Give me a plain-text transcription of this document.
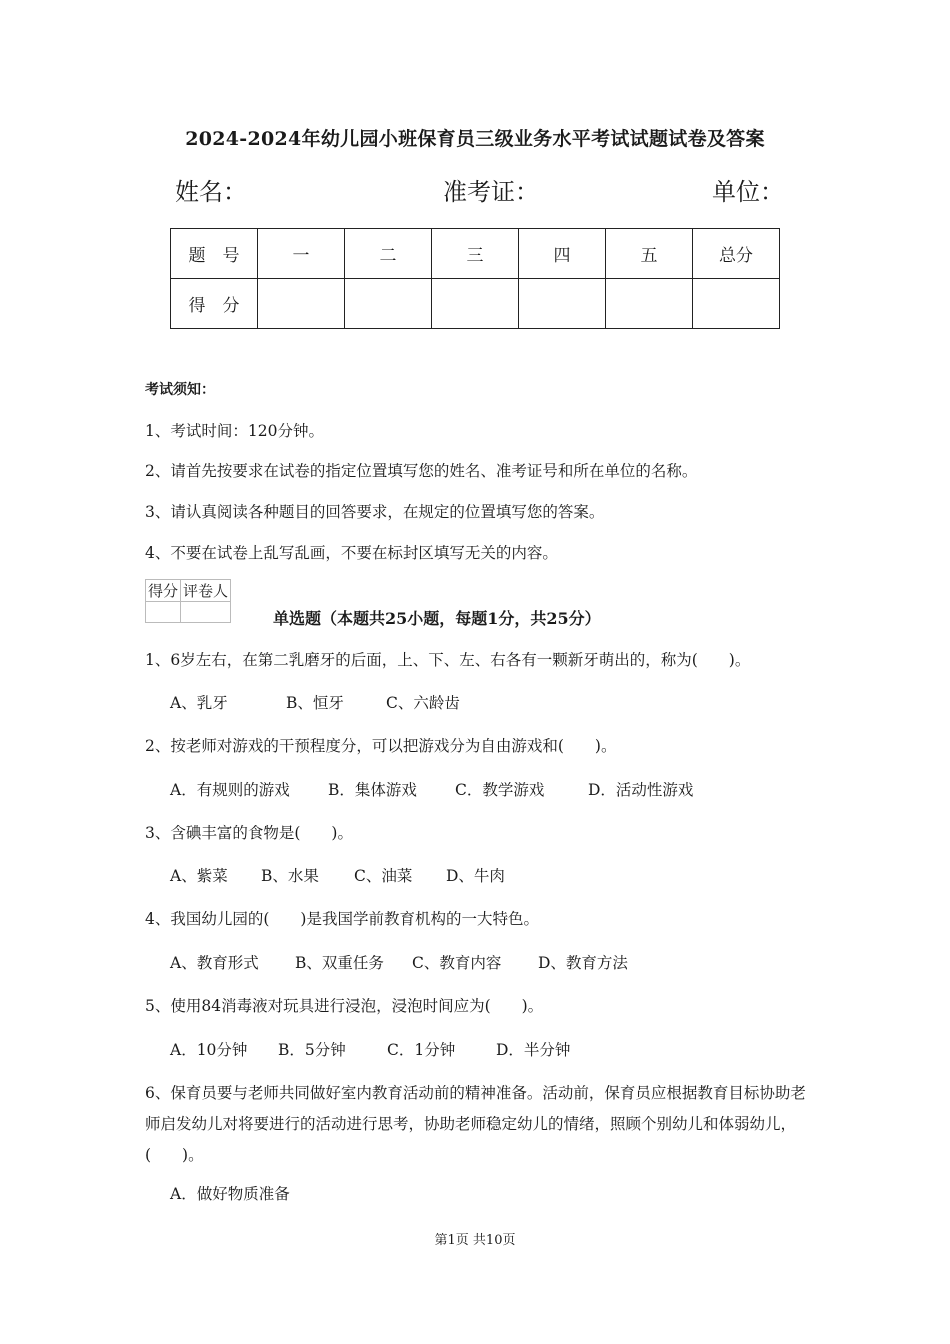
2024-2024年幼儿园小班保育员三级业务水平考试试题试卷及答案
姓名：	准考证：	单位：
题　号	一	二	三	四	五	总分
得　分						
考试须知：
1、考试时间：120分钟。
2、请首先按要求在试卷的指定位置填写您的姓名、准考证号和所在单位的名称。
3、请认真阅读各种题目的回答要求，在规定的位置填写您的答案。
4、不要在试卷上乱写乱画，不要在标封区填写无关的内容。
得分	评卷人

单选题（本题共25小题，每题1分，共25分）
1、6岁左右，在第二乳磨牙的后面，上、下、左、右各有一颗新牙萌出的，称为(　　)。
A、乳牙	B、恒牙	C、六龄齿
2、按老师对游戏的干预程度分，可以把游戏分为自由游戏和(　　)。
A．有规则的游戏 B．集体游戏 C．教学游戏	D．活动性游戏
3、含碘丰富的食物是(　　)。
A、紫菜 B、水果 C、油菜 D、牛肉
4、我国幼儿园的(　　)是我国学前教育机构的一大特色。
A、教育形式 B、双重任务 C、教育内容 D、教育方法
5、使用84消毒液对玩具进行浸泡，浸泡时间应为(　　)。
A．10分钟 B．5分钟	C．1分钟	D．半分钟
6、保育员要与老师共同做好室内教育活动前的精神准备。活动前，保育员应根据教育目标协助老师启发幼儿对将要进行的活动进行思考，协助老师稳定幼儿的情绪，照顾个别幼儿和体弱幼儿，(　　)。
A．做好物质准备
第1页 共10页
